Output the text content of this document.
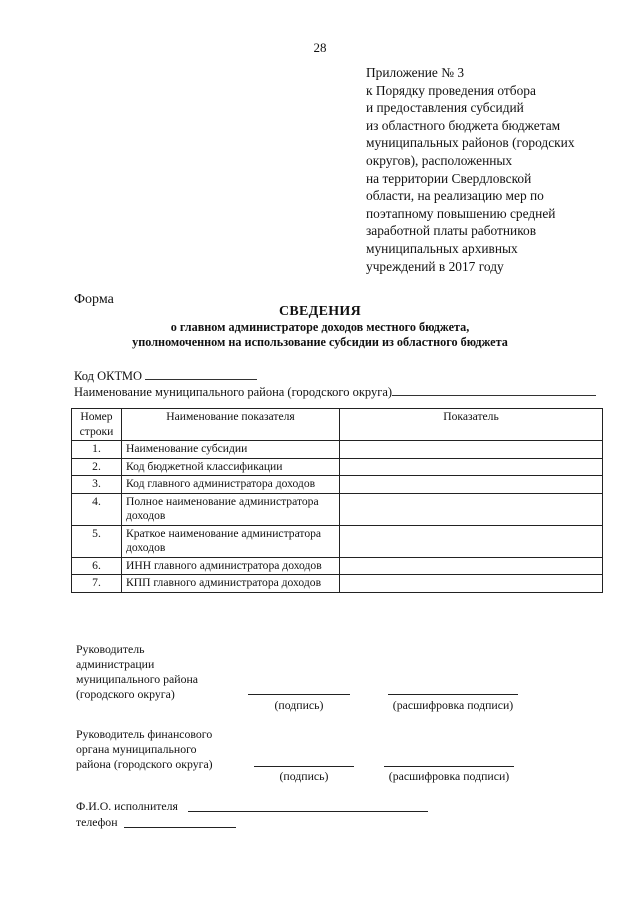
28
Приложение № 3
к Порядку проведения отбора
и предоставления субсидий
из областного бюджета бюджетам
муниципальных районов (городских
округов), расположенных
на территории Свердловской
области, на реализацию мер по
поэтапному повышению средней
заработной платы работников
муниципальных архивных
учреждений в 2017 году
Форма
СВЕДЕНИЯ
о главном администраторе доходов местного бюджета,
уполномоченном на использование субсидии из областного бюджета
Код ОКТМО
Наименование муниципального района (городского округа)
Номер строки	Наименование показателя	Показатель
1.	Наименование субсидии	
2.	Код бюджетной классификации	
3.	Код главного администратора доходов	
4.	Полное наименование администратора доходов	
5.	Краткое наименование администратора доходов	
6.	ИНН главного администратора доходов	
7.	КПП главного администратора доходов	
Руководитель
администрации
муниципального района
(городского округа)
(подпись)	(расшифровка подписи)
Руководитель финансового
органа муниципального
района (городского округа)
(подпись)	(расшифровка подписи)
Ф.И.О. исполнителя
телефон
